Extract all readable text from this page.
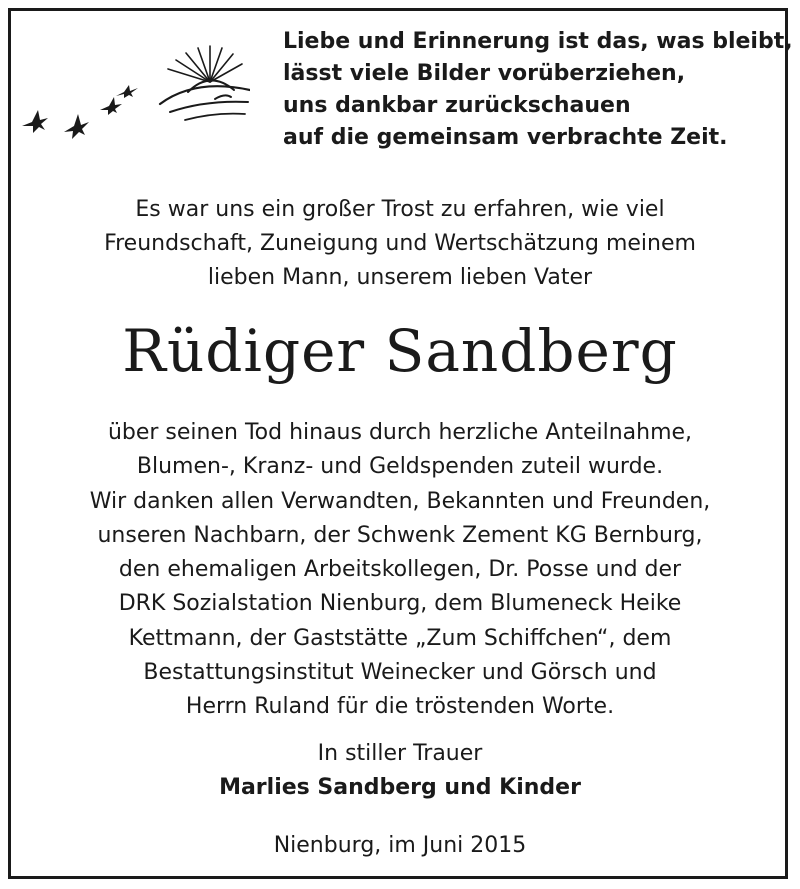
Liebe und Erinnerung ist das, was bleibt,
lässt viele Bilder vorüberziehen,
uns dankbar zurückschauen
auf die gemeinsam verbrachte Zeit.
Es war uns ein großer Trost zu erfahren, wie viel
Freundschaft, Zuneigung und Wertschätzung meinem
lieben Mann, unserem lieben Vater
Rüdiger Sandberg
über seinen Tod hinaus durch herzliche Anteilnahme,
Blumen-, Kranz- und Geldspenden zuteil wurde.
Wir danken allen Verwandten, Bekannten und Freunden,
unseren Nachbarn, der Schwenk Zement KG Bernburg,
den ehemaligen Arbeitskollegen, Dr. Posse und der
DRK Sozialstation Nienburg, dem Blumeneck Heike
Kettmann, der Gaststätte „Zum Schiffchen“, dem
Bestattungsinstitut Weinecker und Görsch und
Herrn Ruland für die tröstenden Worte.
In stiller Trauer
Marlies Sandberg und Kinder
Nienburg, im Juni 2015
